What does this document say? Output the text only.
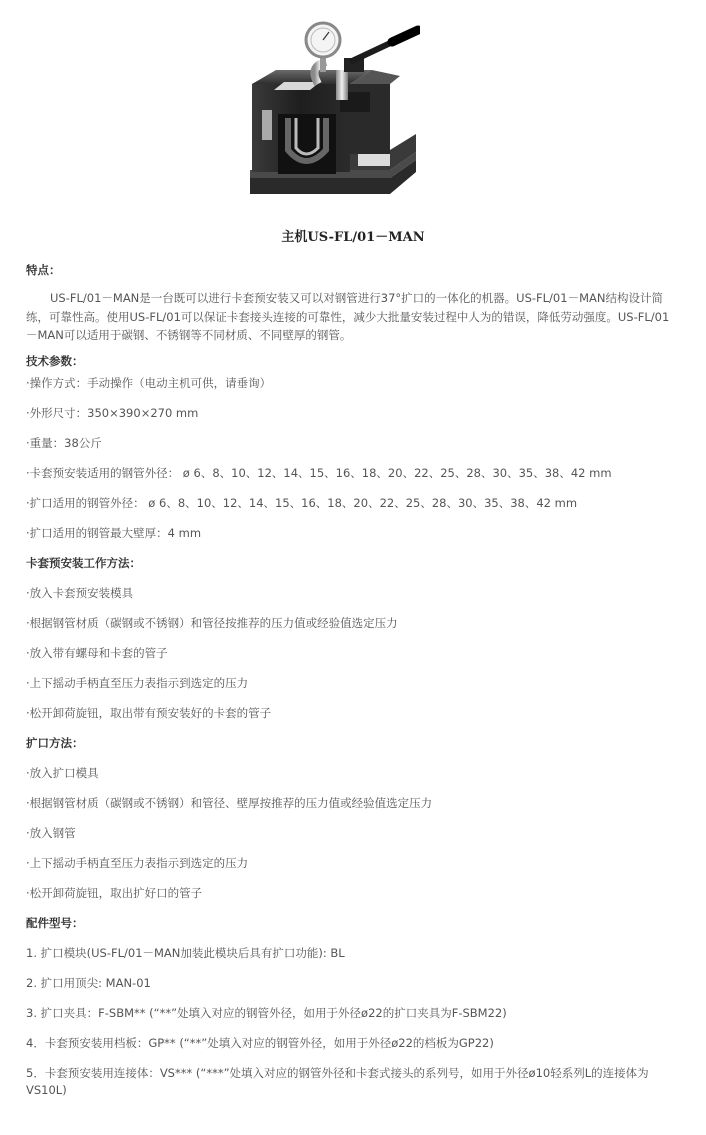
主机US-FL/01－MAN

特点：

US-FL/01－MAN是一台既可以进行卡套预安装又可以对钢管进行37°扩口的一体化的机器。US-FL/01－MAN结构设计简练，可靠性高。使用US-FL/01可以保证卡套接头连接的可靠性，减少大批量安装过程中人为的错误，降低劳动强度。US-FL/01－MAN可以适用于碳钢、不锈钢等不同材质、不同壁厚的钢管。

技术参数：

·操作方式：手动操作（电动主机可供，请垂询）

·外形尺寸：350×390×270 mm

·重量：38公斤

·卡套预安装适用的钢管外径： ø 6、8、10、12、14、15、16、18、20、22、25、28、30、35、38、42 mm

·扩口适用的钢管外径： ø 6、8、10、12、14、15、16、18、20、22、25、28、30、35、38、42 mm

·扩口适用的钢管最大壁厚：4 mm

卡套预安装工作方法：

·放入卡套预安装模具

·根据钢管材质（碳钢或不锈钢）和管径按推荐的压力值或经验值选定压力

·放入带有螺母和卡套的管子

·上下摇动手柄直至压力表指示到选定的压力

·松开卸荷旋钮，取出带有预安装好的卡套的管子

扩口方法：

·放入扩口模具

·根据钢管材质（碳钢或不锈钢）和管径、壁厚按推荐的压力值或经验值选定压力

·放入钢管

·上下摇动手柄直至压力表指示到选定的压力

·松开卸荷旋钮，取出扩好口的管子

配件型号：

1. 扩口模块(US-FL/01－MAN加装此模块后具有扩口功能): BL
2. 扩口用顶尖: MAN-01
3. 扩口夹具：F-SBM** (“**”处填入对应的钢管外径，如用于外径ø22的扩口夹具为F-SBM22)
4．卡套预安装用档板：GP** (“**”处填入对应的钢管外径，如用于外径ø22的档板为GP22)
5．卡套预安装用连接体：VS*** (“***”处填入对应的钢管外径和卡套式接头的系列号，如用于外径ø10轻系列L的连接体为VS10L)
